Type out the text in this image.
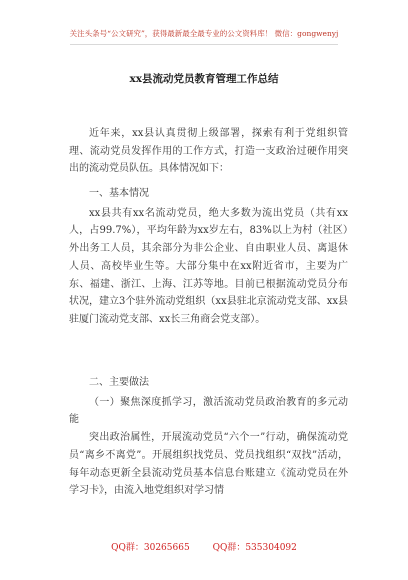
关注头条号“公文研究”，获得最新最全最专业的公文资料库！ 微信：gongwenyj
xx县流动党员教育管理工作总结

近年来，xx县认真贯彻上级部署，探索有利于党组织管理、流动党员发挥作用的工作方式，打造一支政治过硬作用突出的流动党员队伍。具体情况如下：

一、基本情况

xx县共有xx名流动党员，绝大多数为流出党员（共有xx人，占99.7%），平均年龄为xx岁左右，83%以上为村（社区）外出务工人员，其余部分为非公企业、自由职业人员、离退休人员、高校毕业生等。大部分集中在xx附近省市，主要为广东、福建、浙江、上海、江苏等地。目前已根据流动党员分布状况，建立3个驻外流动党组织（xx县驻北京流动党支部、xx县驻厦门流动党支部、xx长三角商会党支部）。

二、主要做法

（一）聚焦深度抓学习，激活流动党员政治教育的多元动能

突出政治属性，开展流动党员“六个一”行动，确保流动党员“离乡不离党”。开展组织找党员、党员找组织“双找”活动，每年动态更新全县流动党员基本信息台账建立《流动党员在外学习卡》，由流入地党组织对学习情

QQ群：30265665	QQ群：535304092
